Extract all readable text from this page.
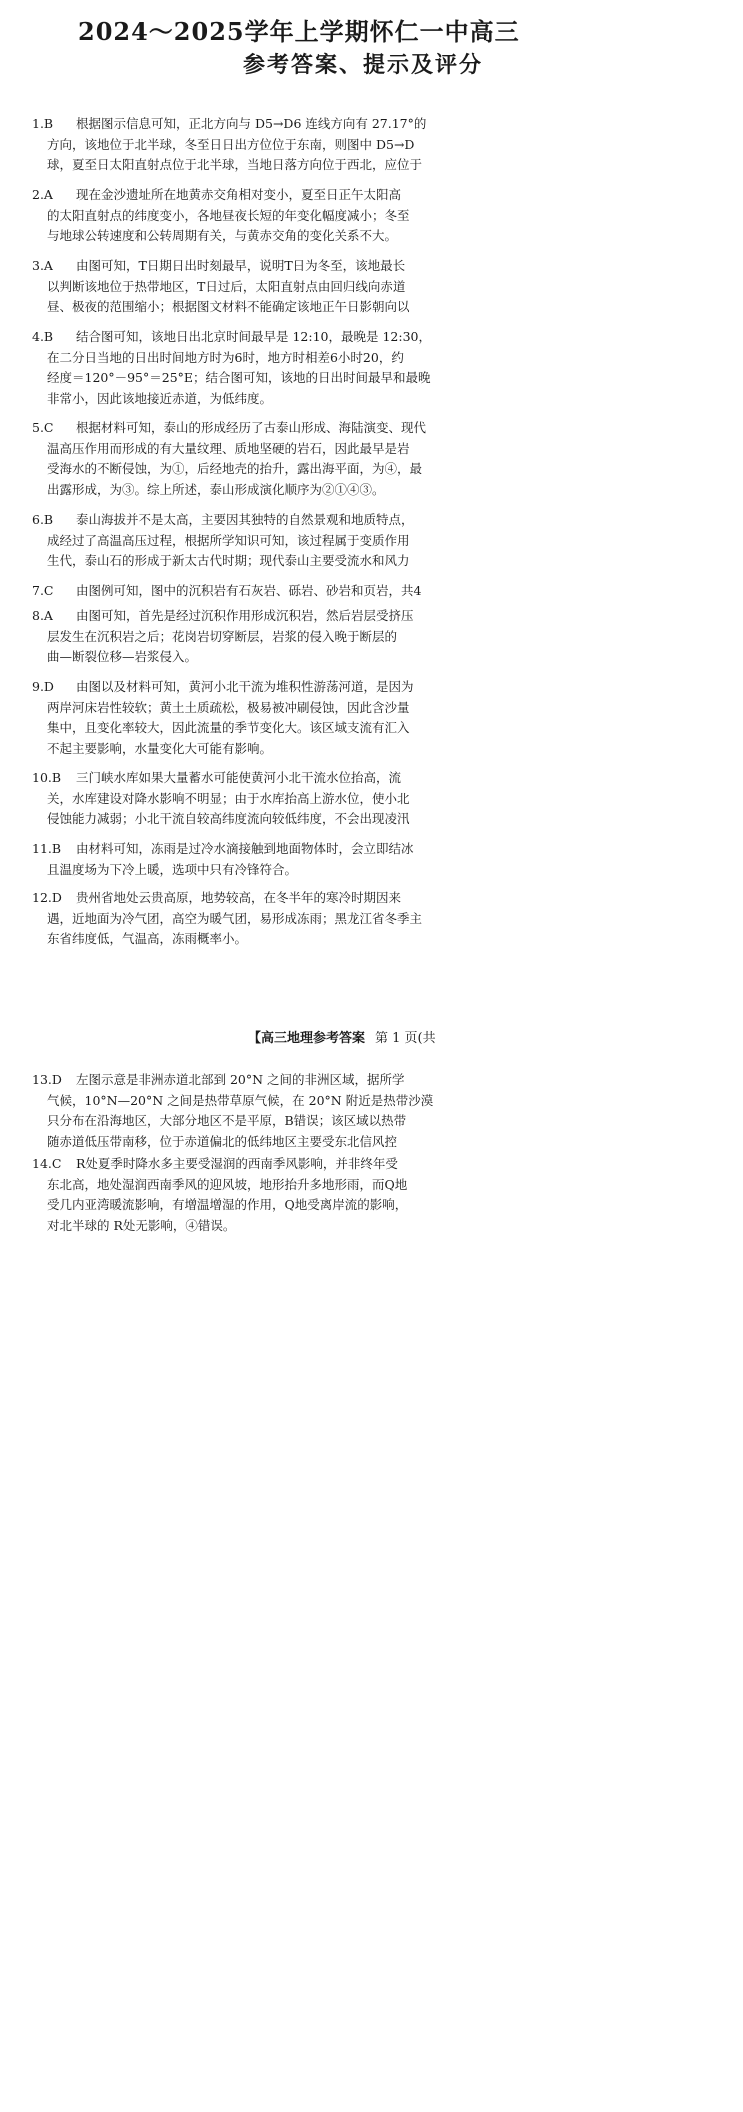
2024～2025学年上学期怀仁一中高三
参考答案、提示及评分
1.B 根据图示信息可知，正北方向与 D5→D6 连线方向有 27.17°的
方向，该地位于北半球，冬至日日出方位位于东南，则图中 D5→D
球，夏至日太阳直射点位于北半球，当地日落方向位于西北，应位于
2.A 现在金沙遗址所在地黄赤交角相对变小，夏至日正午太阳高
的太阳直射点的纬度变小，各地昼夜长短的年变化幅度减小；冬至
与地球公转速度和公转周期有关，与黄赤交角的变化关系不大。
3.A 由图可知，T日期日出时刻最早，说明T日为冬至，该地最长
以判断该地位于热带地区，T日过后，太阳直射点由回归线向赤道
昼、极夜的范围缩小；根据图文材料不能确定该地正午日影朝向以
4.B 结合图可知，该地日出北京时间最早是 12:10，最晚是 12:30，
在二分日当地的日出时间地方时为6时，地方时相差6小时20，约
经度＝120°－95°＝25°E；结合图可知，该地的日出时间最早和最晚
非常小，因此该地接近赤道，为低纬度。
5.C 根据材料可知，泰山的形成经历了古泰山形成、海陆演变、现代
温高压作用而形成的有大量纹理、质地坚硬的岩石，因此最早是岩
受海水的不断侵蚀，为①，后经地壳的抬升，露出海平面，为④，最
出露形成，为③。综上所述，泰山形成演化顺序为②①④③。
6.B 泰山海拔并不是太高，主要因其独特的自然景观和地质特点，
成经过了高温高压过程，根据所学知识可知，该过程属于变质作用
生代，泰山石的形成于新太古代时期；现代泰山主要受流水和风力
7.C 由图例可知，图中的沉积岩有石灰岩、砾岩、砂岩和页岩，共4
8.A 由图可知，首先是经过沉积作用形成沉积岩，然后岩层受挤压
层发生在沉积岩之后；花岗岩切穿断层，岩浆的侵入晚于断层的
曲—断裂位移—岩浆侵入。
9.D 由图以及材料可知，黄河小北干流为堆积性游荡河道，是因为
两岸河床岩性较软；黄土土质疏松，极易被冲刷侵蚀，因此含沙量
集中，且变化率较大，因此流量的季节变化大。该区域支流有汇入
不起主要影响，水量变化大可能有影响。
10.B 三门峡水库如果大量蓄水可能使黄河小北干流水位抬高，流
关，水库建设对降水影响不明显；由于水库抬高上游水位，使小北
侵蚀能力减弱；小北干流自较高纬度流向较低纬度，不会出现凌汛
11.B 由材料可知，冻雨是过冷水滴接触到地面物体时，会立即结冰
且温度场为下冷上暖，选项中只有冷锋符合。
12.D 贵州省地处云贵高原，地势较高，在冬半年的寒冷时期因来
遇，近地面为冷气团，高空为暖气团，易形成冻雨；黑龙江省冬季主
东省纬度低，气温高，冻雨概率小。
【高三地理参考答案 第 1 页(共
13.D 左图示意是非洲赤道北部到 20°N 之间的非洲区域，据所学
气候，10°N—20°N 之间是热带草原气候，在 20°N 附近是热带沙漠
只分布在沿海地区，大部分地区不是平原，B错误；该区域以热带
随赤道低压带南移，位于赤道偏北的低纬地区主要受东北信风控
14.C R处夏季时降水多主要受湿润的西南季风影响，并非终年受
东北高，地处湿润西南季风的迎风坡，地形抬升多地形雨，而Q地
受几内亚湾暖流影响，有增温增湿的作用，Q地受离岸流的影响，
对北半球的 R处无影响，④错误。
